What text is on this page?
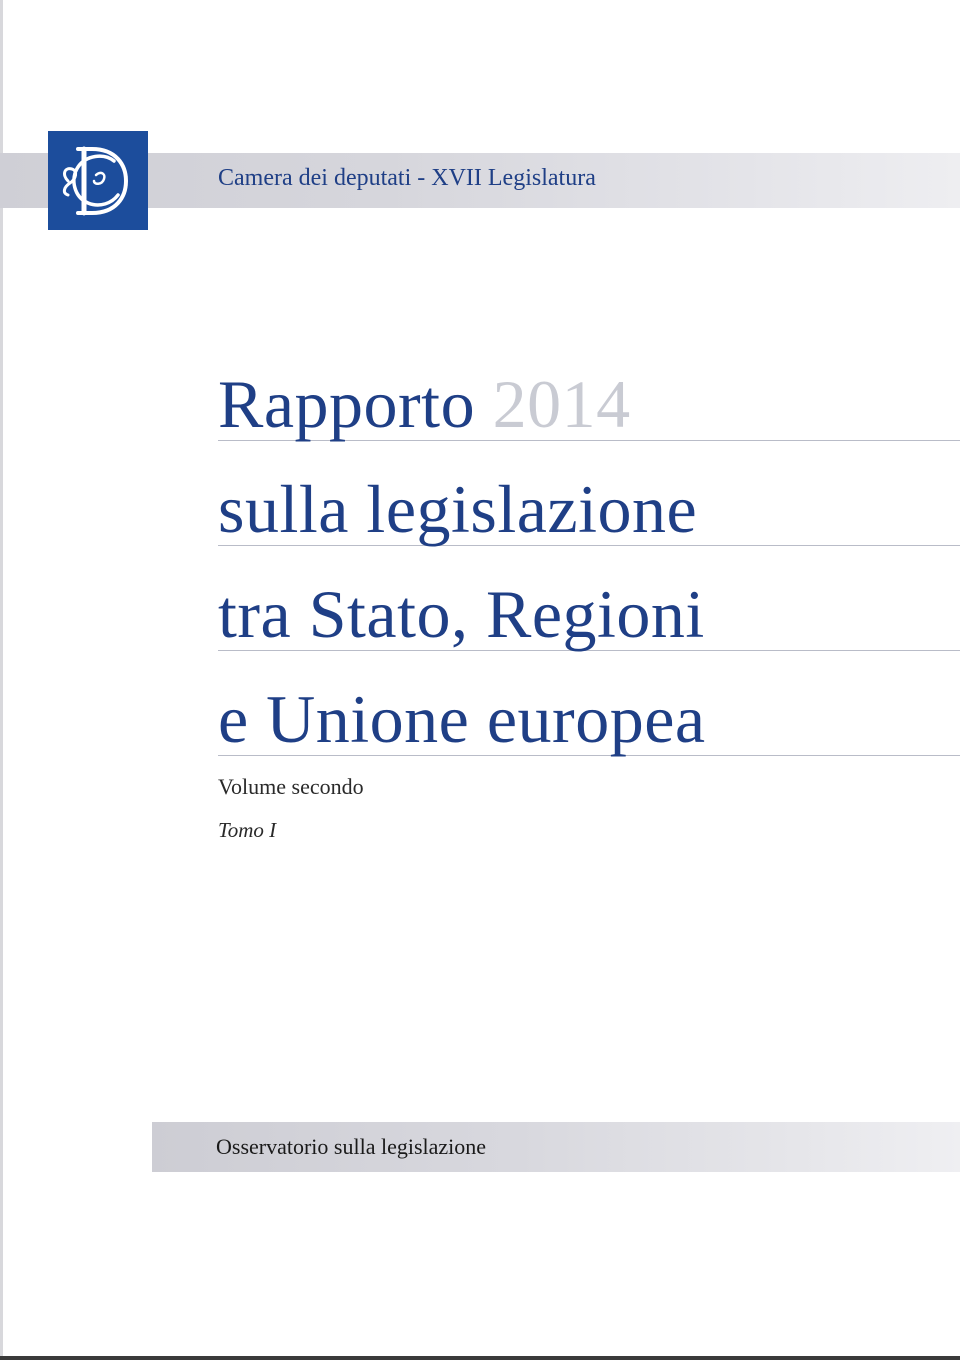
Camera dei deputati - XVII Legislatura
Rapporto 2014
sulla legislazione
tra Stato, Regioni
e Unione europea
Volume secondo
Tomo I
Osservatorio sulla legislazione
